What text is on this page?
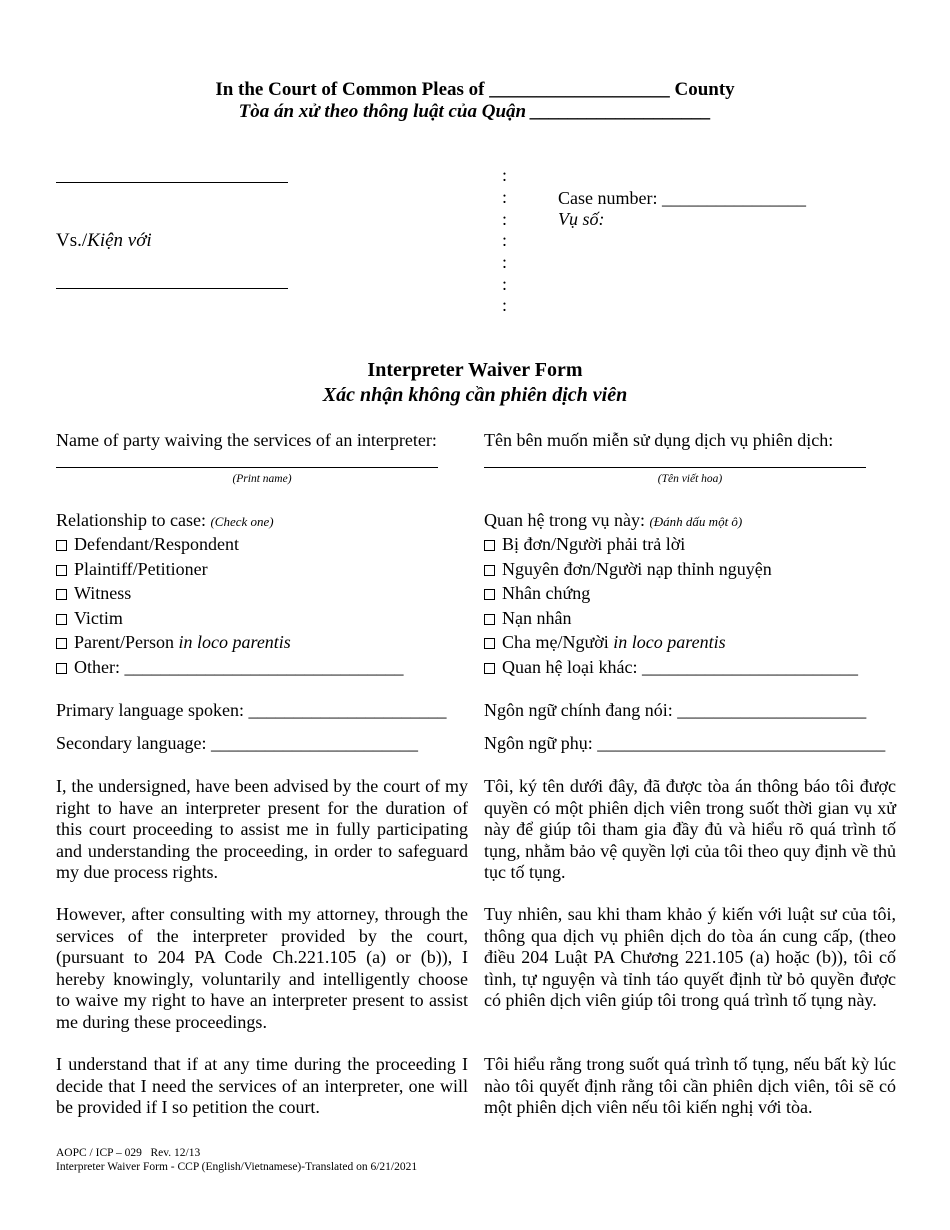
In the Court of Common Pleas of ___________________ County
Tòa án xử theo thông luật của Quận ___________________
Vs./Kiện với
:
:
:
:
:
:
:
Case number: ________________
Vụ số:
Interpreter Waiver Form
Xác nhận không cần phiên dịch viên
Name of party waiving the services of an interpreter:
(Print name)
Tên bên muốn miễn sử dụng dịch vụ phiên dịch:
(Tên viết hoa)
Relationship to case: (Check one)
Defendant/Respondent
Plaintiff/Petitioner
Witness
Victim
Parent/Person in loco parentis
Other: _______________________________
Quan hệ trong vụ này: (Đánh dấu một ô)
Bị đơn/Người phải trả lời
Nguyên đơn/Người nạp thỉnh nguyện
Nhân chứng
Nạn nhân
Cha mẹ/Người in loco parentis
Quan hệ loại khác: ________________________
Primary language spoken: ______________________
Secondary language: _______________________
Ngôn ngữ chính đang nói: _____________________
Ngôn ngữ phụ: ________________________________
I, the undersigned, have been advised by the court of my right to have an interpreter present for the duration of this court proceeding to assist me in fully participating and understanding the proceeding, in order to safeguard my due process rights.
However, after consulting with my attorney, through the services of the interpreter provided by the court, (pursuant to 204 PA Code Ch.221.105 (a) or (b)), I hereby knowingly, voluntarily and intelligently choose to waive my right to have an interpreter present to assist me during these proceedings.
I understand that if at any time during the proceeding I decide that I need the services of an interpreter, one will be provided if I so petition the court.
Tôi, ký tên dưới đây, đã được tòa án thông báo tôi được quyền có một phiên dịch viên trong suốt thời gian vụ xử này để giúp tôi tham gia đầy đủ và hiểu rõ quá trình tố tụng, nhằm bảo vệ quyền lợi của tôi theo quy định về thủ tục tố tụng.
Tuy nhiên, sau khi tham khảo ý kiến với luật sư của tôi, thông qua dịch vụ phiên dịch do tòa án cung cấp, (theo điều 204 Luật PA Chương 221.105 (a) hoặc (b)), tôi cố tình, tự nguyện và tỉnh táo quyết định từ bỏ quyền được có phiên dịch viên giúp tôi trong quá trình tố tụng này.
Tôi hiểu rằng trong suốt quá trình tố tụng, nếu bất kỳ lúc nào tôi quyết định rằng tôi cần phiên dịch viên, tôi sẽ có một phiên dịch viên nếu tôi kiến nghị với tòa.
AOPC / ICP – 029   Rev. 12/13
Interpreter Waiver Form - CCP (English/Vietnamese)-Translated on 6/21/2021
